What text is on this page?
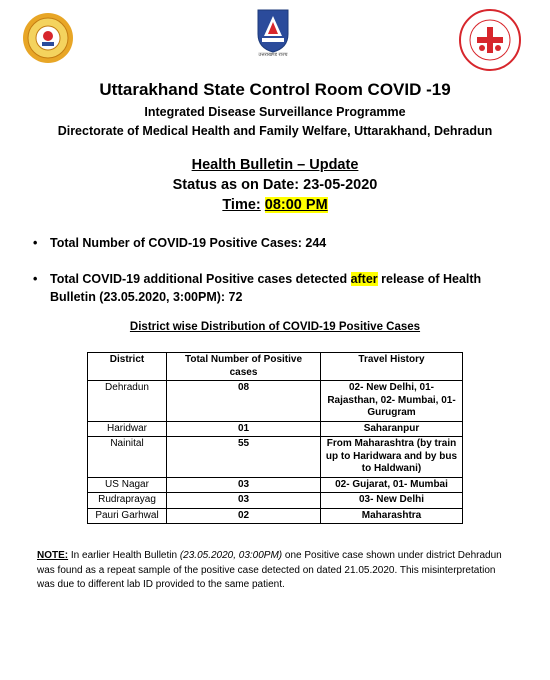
उत्तराखण्ड राज्य
Uttarakhand State Control Room COVID -19
Integrated Disease Surveillance Programme
Directorate of Medical Health and Family Welfare, Uttarakhand, Dehradun
Health Bulletin – Update
Status as on Date: 23-05-2020
Time: 08:00 PM
• Total Number of COVID-19 Positive Cases: 244
• Total COVID-19 additional Positive cases detected after release of Health Bulletin (23.05.2020, 3:00PM): 72
District wise Distribution of COVID-19 Positive Cases
District	Total Number of Positive cases	Travel History
Dehradun	08	02- New Delhi, 01- Rajasthan, 02- Mumbai, 01- Gurugram
Haridwar	01	Saharanpur
Nainital	55	From Maharashtra (by train up to Haridwara and by bus to Haldwani)
US Nagar	03	02- Gujarat, 01- Mumbai
Rudraprayag	03	03- New Delhi
Pauri Garhwal	02	Maharashtra
NOTE: In earlier Health Bulletin (23.05.2020, 03:00PM) one Positive case shown under district Dehradun was found as a repeat sample of the positive case detected on dated 21.05.2020. This misinterpretation was due to different lab ID provided to the same patient.
